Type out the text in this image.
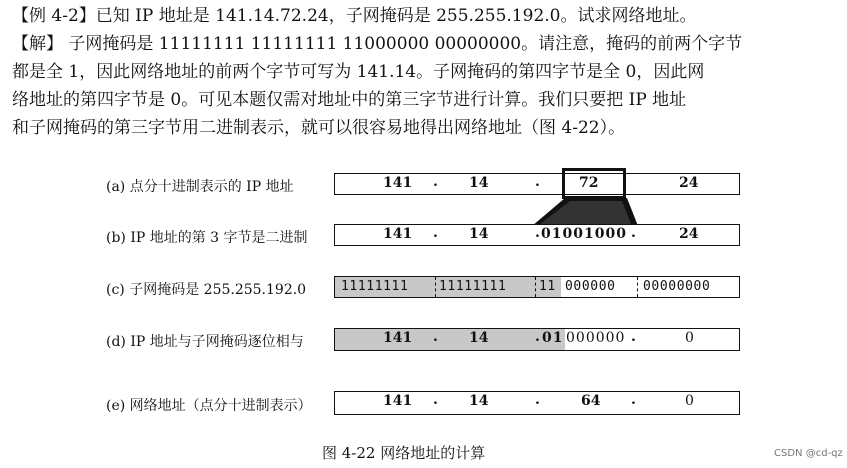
【例 4-2】已知 IP 地址是 141.14.72.24，子网掩码是 255.255.192.0。试求网络地址。
【解】 子网掩码是 11111111 11111111 11000000 00000000。请注意，掩码的前两个字节
都是全 1，因此网络地址的前两个字节可写为 141.14。子网掩码的第四字节是全 0，因此网
络地址的第四字节是 0。可见本题仅需对地址中的第三字节进行计算。我们只要把 IP 地址
和子网掩码的第三字节用二进制表示，就可以很容易地得出网络地址（图 4-22）。
(a) 点分十进制表示的 IP 地址	141 . 14	.	72	24
(b) IP 地址的第 3 字节是二进制	141 . 14	. 01001000 .	24
(c) 子网掩码是 255.255.192.0	11111111 11111111	11 000000 00000000
(d) IP 地址与子网掩码逐位相与	141 . 14	. 01 000000 .	0
(e) 网络地址（点分十进制表示）	141 . 14	.	64 .	0
图 4-22 网络地址的计算	CSDN @cd-qz
